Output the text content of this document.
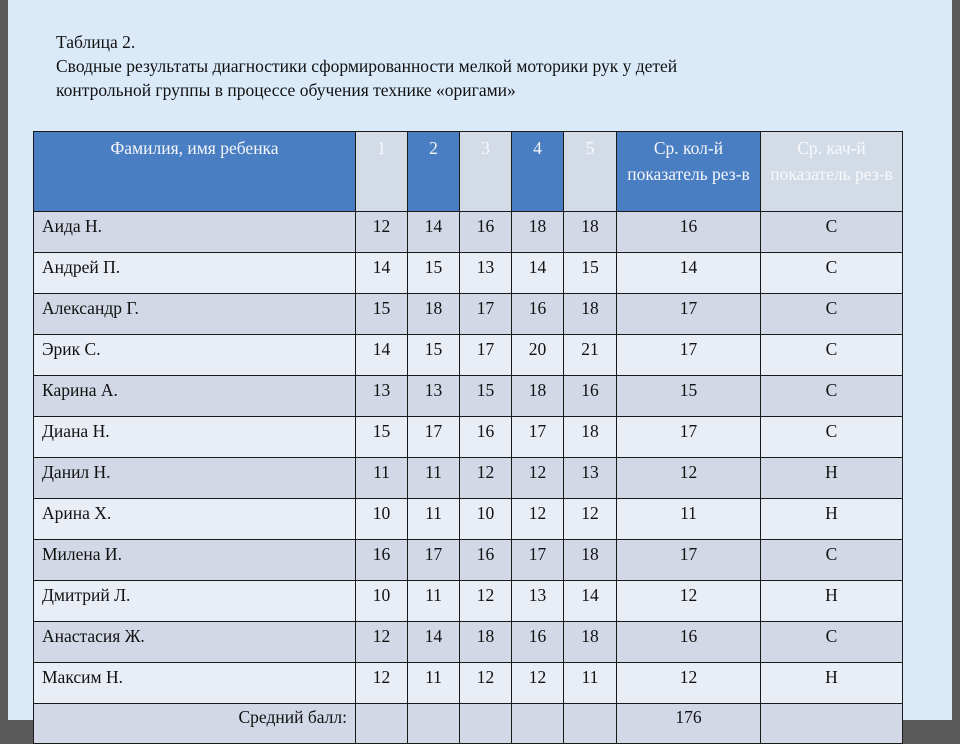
Таблица 2.
Сводные результаты диагностики сформированности мелкой моторики рук у детей
контрольной группы в процессе обучения технике «оригами»
Фамилия, имя ребенка	1	2	3	4	5	Ср. кол-й показатель рез-в	Ср. кач-й показатель рез-в
Аида Н.	12	14	16	18	18	16	С
Андрей П.	14	15	13	14	15	14	С
Александр Г.	15	18	17	16	18	17	С
Эрик С.	14	15	17	20	21	17	С
Карина А.	13	13	15	18	16	15	С
Диана Н.	15	17	16	17	18	17	С
Данил Н.	11	11	12	12	13	12	Н
Арина Х.	10	11	10	12	12	11	Н
Милена И.	16	17	16	17	18	17	С
Дмитрий Л.	10	11	12	13	14	12	Н
Анастасия Ж.	12	14	18	16	18	16	С
Максим Н.	12	11	12	12	11	12	Н
Средний балл:						176	
